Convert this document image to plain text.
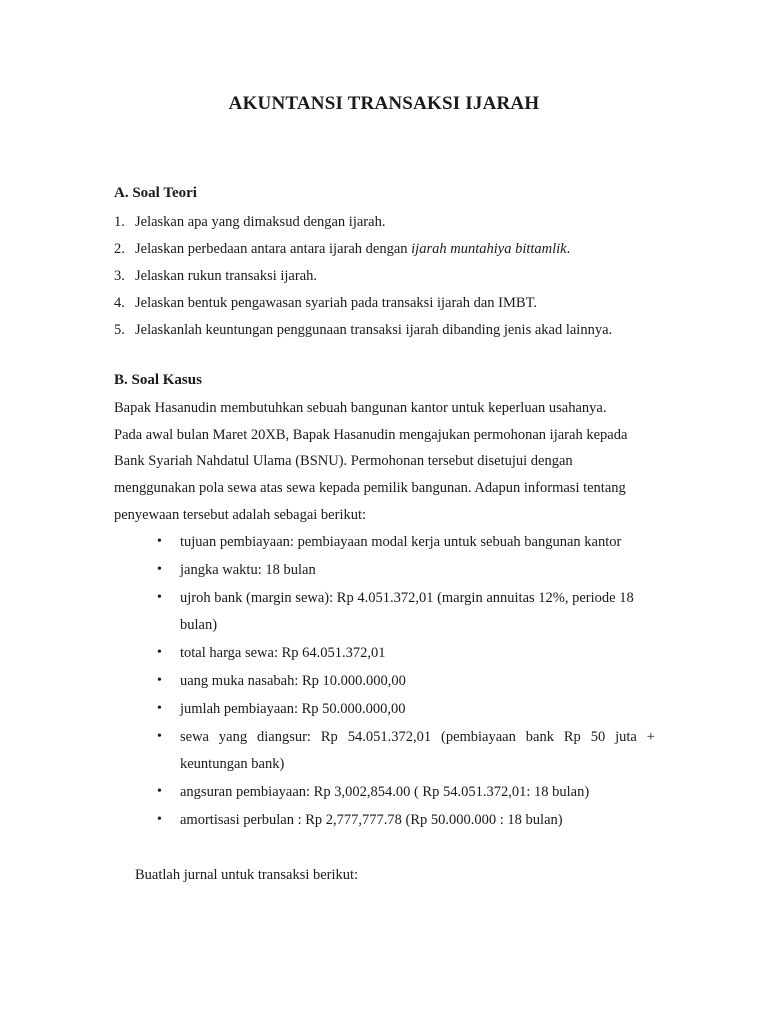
AKUNTANSI TRANSAKSI IJARAH
A. Soal Teori
1. Jelaskan apa yang dimaksud dengan ijarah.
2. Jelaskan perbedaan antara antara ijarah dengan ijarah muntahiya bittamlik.
3. Jelaskan rukun transaksi ijarah.
4. Jelaskan bentuk pengawasan syariah pada transaksi ijarah dan IMBT.
5. Jelaskanlah keuntungan penggunaan transaksi ijarah dibanding jenis akad lainnya.
B. Soal Kasus
Bapak Hasanudin membutuhkan sebuah bangunan kantor untuk keperluan usahanya.
Pada awal bulan Maret 20XB, Bapak Hasanudin mengajukan permohonan ijarah kepada
Bank Syariah Nahdatul Ulama (BSNU). Permohonan tersebut disetujui dengan
menggunakan pola sewa atas sewa kepada pemilik bangunan. Adapun informasi tentang
penyewaan tersebut adalah sebagai berikut:
• tujuan pembiayaan: pembiayaan modal kerja untuk sebuah bangunan kantor
• jangka waktu: 18 bulan
• ujroh bank (margin sewa): Rp 4.051.372,01 (margin annuitas 12%, periode 18
bulan)
• total harga sewa: Rp 64.051.372,01
• uang muka nasabah: Rp 10.000.000,00
• jumlah pembiayaan: Rp 50.000.000,00
• sewa yang diangsur: Rp 54.051.372,01 (pembiayaan bank Rp 50 juta +
keuntungan bank)
• angsuran pembiayaan: Rp 3,002,854.00 ( Rp 54.051.372,01: 18 bulan)
• amortisasi perbulan : Rp 2,777,777.78 (Rp 50.000.000 : 18 bulan)
Buatlah jurnal untuk transaksi berikut:
